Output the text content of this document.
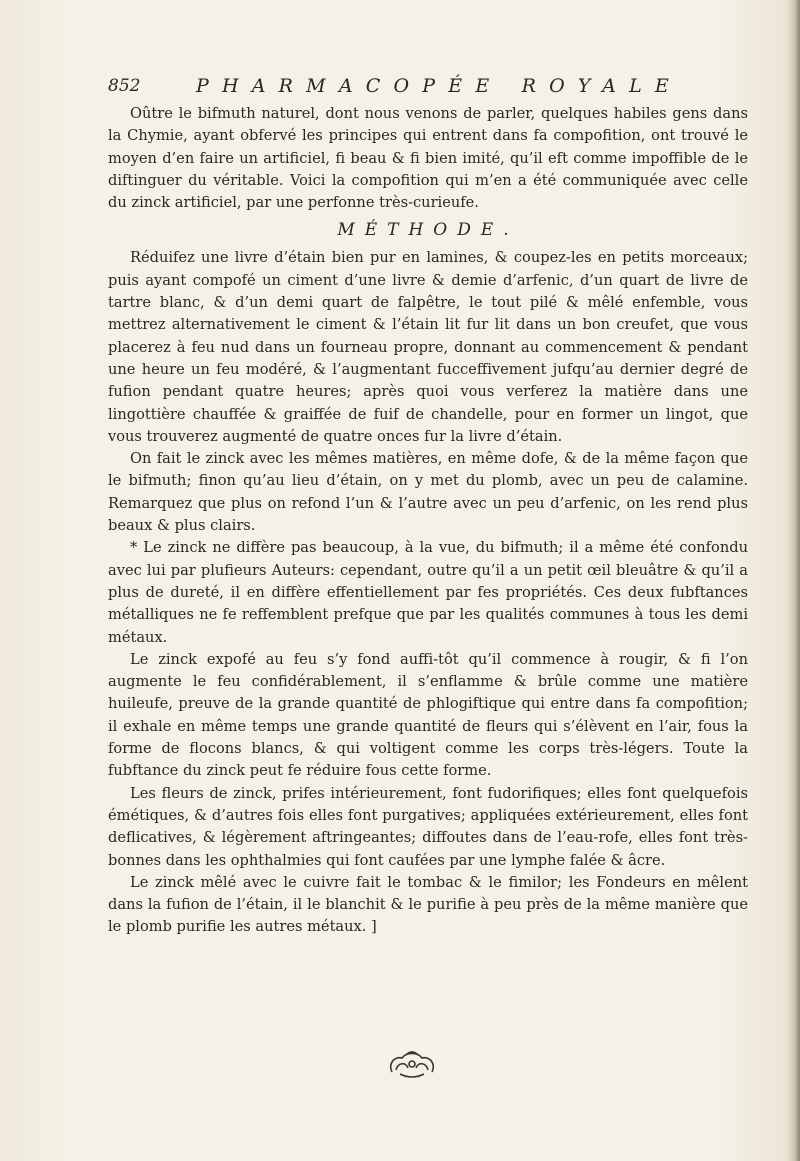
852	PHARMACOPÉE ROYALE

Oûtre le bifmuth naturel, dont nous venons de parler, quelques habiles gens dans la Chymie, ayant obfervé les principes qui entrent dans fa compofition, ont trouvé le moyen d’en faire un artificiel, fi beau & fi bien imité, qu’il eft comme impoffible de le diftinguer du véritable. Voici la compofition qui m’en a été communiquée avec celle du zinck artificiel, par une perfonne très-curieufe.

MÉTHODE.

Réduifez une livre d’étain bien pur en lamines, & coupez-les en petits morceaux; puis ayant compofé un ciment d’une livre & demie d’arfenic, d’un quart de livre de tartre blanc, & d’un demi quart de falpêtre, le tout pilé & mêlé enfemble, vous mettrez alternativement le ciment & l’étain lit fur lit dans un bon creufet, que vous placerez à feu nud dans un fourneau propre, donnant au commencement & pendant une heure un feu modéré, & l’augmentant fucceffivement jufqu’au dernier degré de fufion pendant quatre heures; après quoi vous verferez la matière dans une lingottière chauffée & graiffée de fuif de chandelle, pour en former un lingot, que vous trouverez augmenté de quatre onces fur la livre d’étain.

On fait le zinck avec les mêmes matières, en même dofe, & de la même façon que le bifmuth; finon qu’au lieu d’étain, on y met du plomb, avec un peu de calamine. Remarquez que plus on refond l’un & l’autre avec un peu d’arfenic, on les rend plus beaux & plus clairs.

* Le zinck ne diffère pas beaucoup, à la vue, du bifmuth; il a même été confondu avec lui par plufieurs Auteurs: cependant, outre qu’il a un petit œil bleuâtre & qu’il a plus de dureté, il en diffère effentiellement par fes propriétés. Ces deux fubftances métalliques ne fe reffemblent prefque que par les qualités communes à tous les demi métaux.

Le zinck expofé au feu s’y fond auffi-tôt qu’il commence à rougir, & fi l’on augmente le feu confidérablement, il s’enflamme & brûle comme une matière huileufe, preuve de la grande quantité de phlogiftique qui entre dans fa compofition; il exhale en même temps une grande quantité de fleurs qui s’élèvent en l’air, fous la forme de flocons blancs, & qui voltigent comme les corps très-légers. Toute la fubftance du zinck peut fe réduire fous cette forme.

Les fleurs de zinck, prifes intérieurement, font fudorifiques; elles font quelquefois émétiques, & d’autres fois elles font purgatives; appliquées extérieurement, elles font deflicatives, & légèrement aftringeantes; diffoutes dans de l’eau-rofe, elles font très-bonnes dans les ophthalmies qui font caufées par une lymphe falée & âcre.

Le zinck mêlé avec le cuivre fait le tombac & le fimilor; les Fondeurs en mêlent dans la fufion de l’étain, il le blanchit & le purifie à peu près de la même manière que le plomb purifie les autres métaux. ]
